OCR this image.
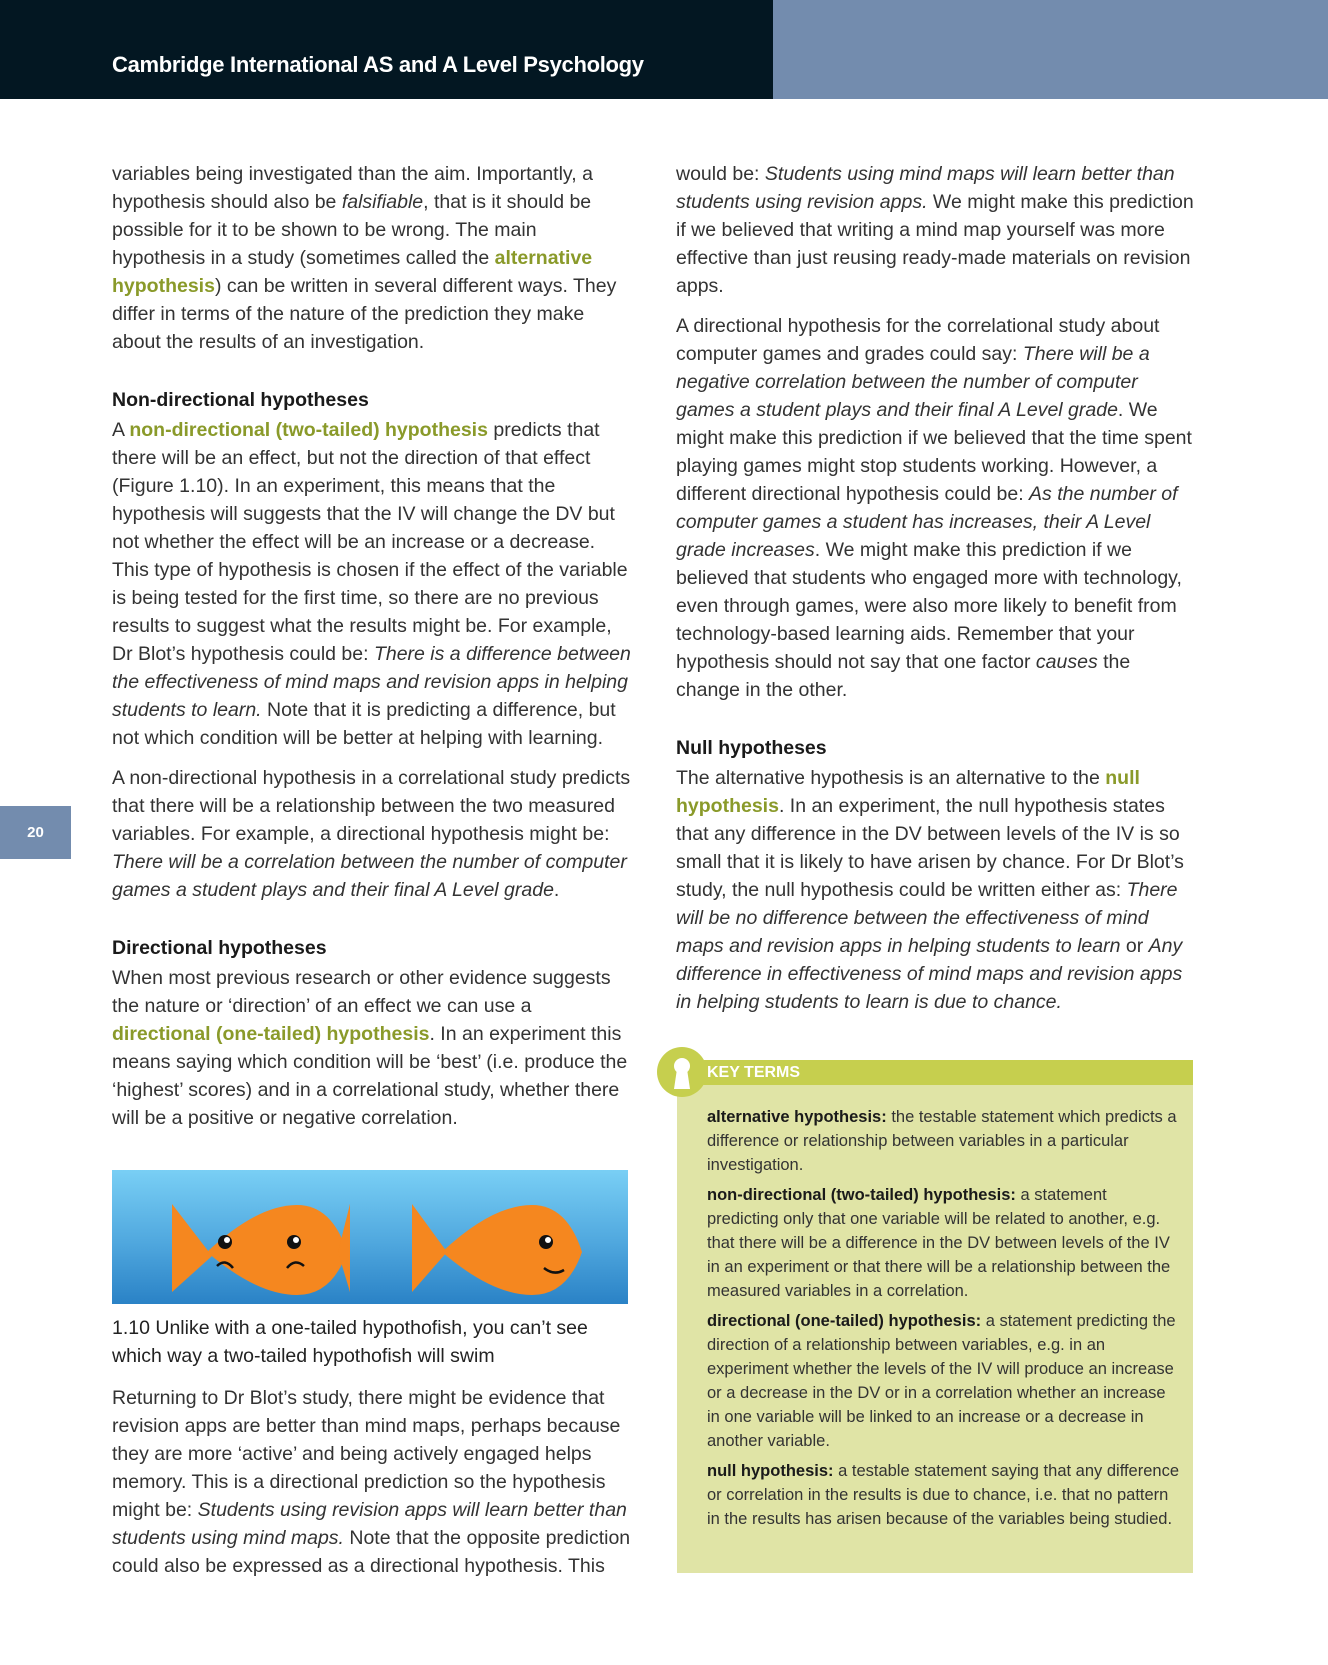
Cambridge International AS and A Level Psychology
20

variables being investigated than the aim. Importantly, a hypothesis should also be falsifiable, that is it should be possible for it to be shown to be wrong. The main hypothesis in a study (sometimes called the alternative hypothesis) can be written in several different ways. They differ in terms of the nature of the prediction they make about the results of an investigation.

Non-directional hypotheses

A non-directional (two-tailed) hypothesis predicts that there will be an effect, but not the direction of that effect (Figure 1.10). In an experiment, this means that the hypothesis will suggests that the IV will change the DV but not whether the effect will be an increase or a decrease. This type of hypothesis is chosen if the effect of the variable is being tested for the first time, so there are no previous results to suggest what the results might be. For example, Dr Blot’s hypothesis could be: There is a difference between the effectiveness of mind maps and revision apps in helping students to learn. Note that it is predicting a difference, but not which condition will be better at helping with learning.

A non-directional hypothesis in a correlational study predicts that there will be a relationship between the two measured variables. For example, a directional hypothesis might be: There will be a correlation between the number of computer games a student plays and their final A Level grade.

Directional hypotheses

When most previous research or other evidence suggests the nature or ‘direction’ of an effect we can use a directional (one-tailed) hypothesis. In an experiment this means saying which condition will be ‘best’ (i.e. produce the ‘highest’ scores) and in a correlational study, whether there will be a positive or negative correlation.

1.10 Unlike with a one-tailed hypothofish, you can’t see which way a two-tailed hypothofish will swim

Returning to Dr Blot’s study, there might be evidence that revision apps are better than mind maps, perhaps because they are more ‘active’ and being actively engaged helps memory. This is a directional prediction so the hypothesis might be: Students using revision apps will learn better than students using mind maps. Note that the opposite prediction could also be expressed as a directional hypothesis. This

would be: Students using mind maps will learn better than students using revision apps. We might make this prediction if we believed that writing a mind map yourself was more effective than just reusing ready-made materials on revision apps.

A directional hypothesis for the correlational study about computer games and grades could say: There will be a negative correlation between the number of computer games a student plays and their final A Level grade. We might make this prediction if we believed that the time spent playing games might stop students working. However, a different directional hypothesis could be: As the number of computer games a student has increases, their A Level grade increases. We might make this prediction if we believed that students who engaged more with technology, even through games, were also more likely to benefit from technology-based learning aids. Remember that your hypothesis should not say that one factor causes the change in the other.

Null hypotheses

The alternative hypothesis is an alternative to the null hypothesis. In an experiment, the null hypothesis states that any difference in the DV between levels of the IV is so small that it is likely to have arisen by chance. For Dr Blot’s study, the null hypothesis could be written either as: There will be no difference between the effectiveness of mind maps and revision apps in helping students to learn or Any difference in effectiveness of mind maps and revision apps in helping students to learn is due to chance.

KEY TERMS

alternative hypothesis: the testable statement which predicts a difference or relationship between variables in a particular investigation.

non-directional (two-tailed) hypothesis: a statement predicting only that one variable will be related to another, e.g. that there will be a difference in the DV between levels of the IV in an experiment or that there will be a relationship between the measured variables in a correlation.

directional (one-tailed) hypothesis: a statement predicting the direction of a relationship between variables, e.g. in an experiment whether the levels of the IV will produce an increase or a decrease in the DV or in a correlation whether an increase in one variable will be linked to an increase or a decrease in another variable.

null hypothesis: a testable statement saying that any difference or correlation in the results is due to chance, i.e. that no pattern in the results has arisen because of the variables being studied.
